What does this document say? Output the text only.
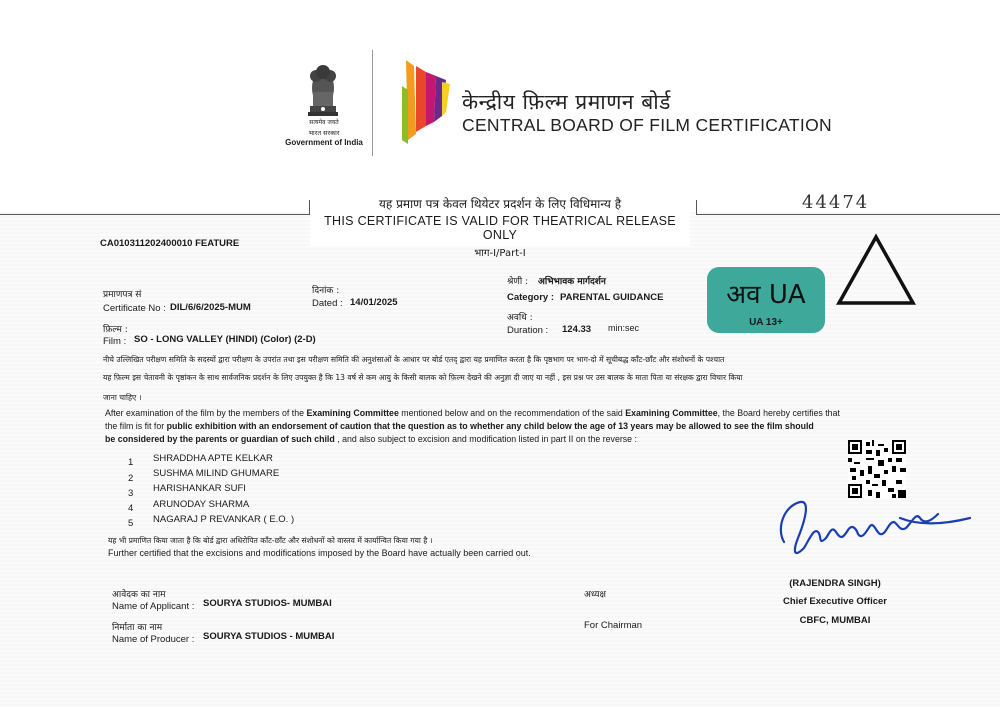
सत्यमेव जयते
भारत सरकार
Government of India
केन्द्रीय फ़िल्म प्रमाणन बोर्ड
CENTRAL BOARD OF FILM CERTIFICATION
यह प्रमाण पत्र केवल थियेटर प्रदर्शन के लिए विधिमान्य है
THIS CERTIFICATE IS VALID FOR THEATRICAL RELEASE ONLY
भाग-I/Part-I
44474
CA010311202400010 FEATURE
प्रमाणपत्र सं
Certificate No : DIL/6/6/2025-MUM
दिनांक :
Dated : 14/01/2025
श्रेणी : अभिभावक मार्गदर्शन
Category : PARENTAL GUIDANCE
अवधि :
Duration : 124.33 min:sec
फ़िल्म :
Film : SO - LONG VALLEY (HINDI) (Color) (2-D)
अव UA
UA 13+
नीचे उल्लिखित परीक्षण समिति के सदस्यों द्वारा परीक्षण के उपरांत तथा इस परीक्षण समिति की अनुशंसाओं के आधार पर बोर्ड एतद् द्वारा यह प्रमाणित करता है कि पृष्ठभाग पर भाग-दो में सूचीबद्ध काँट-छाँट और संशोधनों के पश्चात
यह फ़िल्म इस चेतावनी के पृष्ठांकन के साथ सार्वजनिक प्रदर्शन के लिए उपयुक्त है कि 13 वर्ष से कम आयु के किसी बालक को फ़िल्म देखने की अनुज्ञा दी जाए या नहीं , इस प्रश्न पर उस बालक के माता पिता या संरक्षक द्वारा विचार किया
जाना चाहिए ।
After examination of the film by the members of the Examining Committee mentioned below and on the recommendation of the said Examining Committee, the Board hereby certifies that
the film is fit for public exhibition with an endorsement of caution that the question as to whether any child below the age of 13 years may be allowed to see the film should
be considered by the parents or guardian of such child , and also subject to excision and modification listed in part II on the reverse :
1 SHRADDHA APTE KELKAR
2 SUSHMA MILIND GHUMARE
3 HARISHANKAR SUFI
4 ARUNODAY SHARMA
5 NAGARAJ P REVANKAR ( E.O. )
यह भी प्रमाणित किया जाता है कि बोर्ड द्वारा अधिरोपित काँट-छाँट और संशोधनों को वास्तव में कार्यान्वित किया गया है ।
Further certified that the excisions and modifications imposed by the Board have actually been carried out.
आवेदक का नाम
Name of Applicant : SOURYA STUDIOS- MUMBAI
निर्माता का नाम
Name of Producer : SOURYA STUDIOS - MUMBAI
अध्यक्ष
For Chairman
(RAJENDRA SINGH)
Chief Executive Officer
CBFC, MUMBAI
